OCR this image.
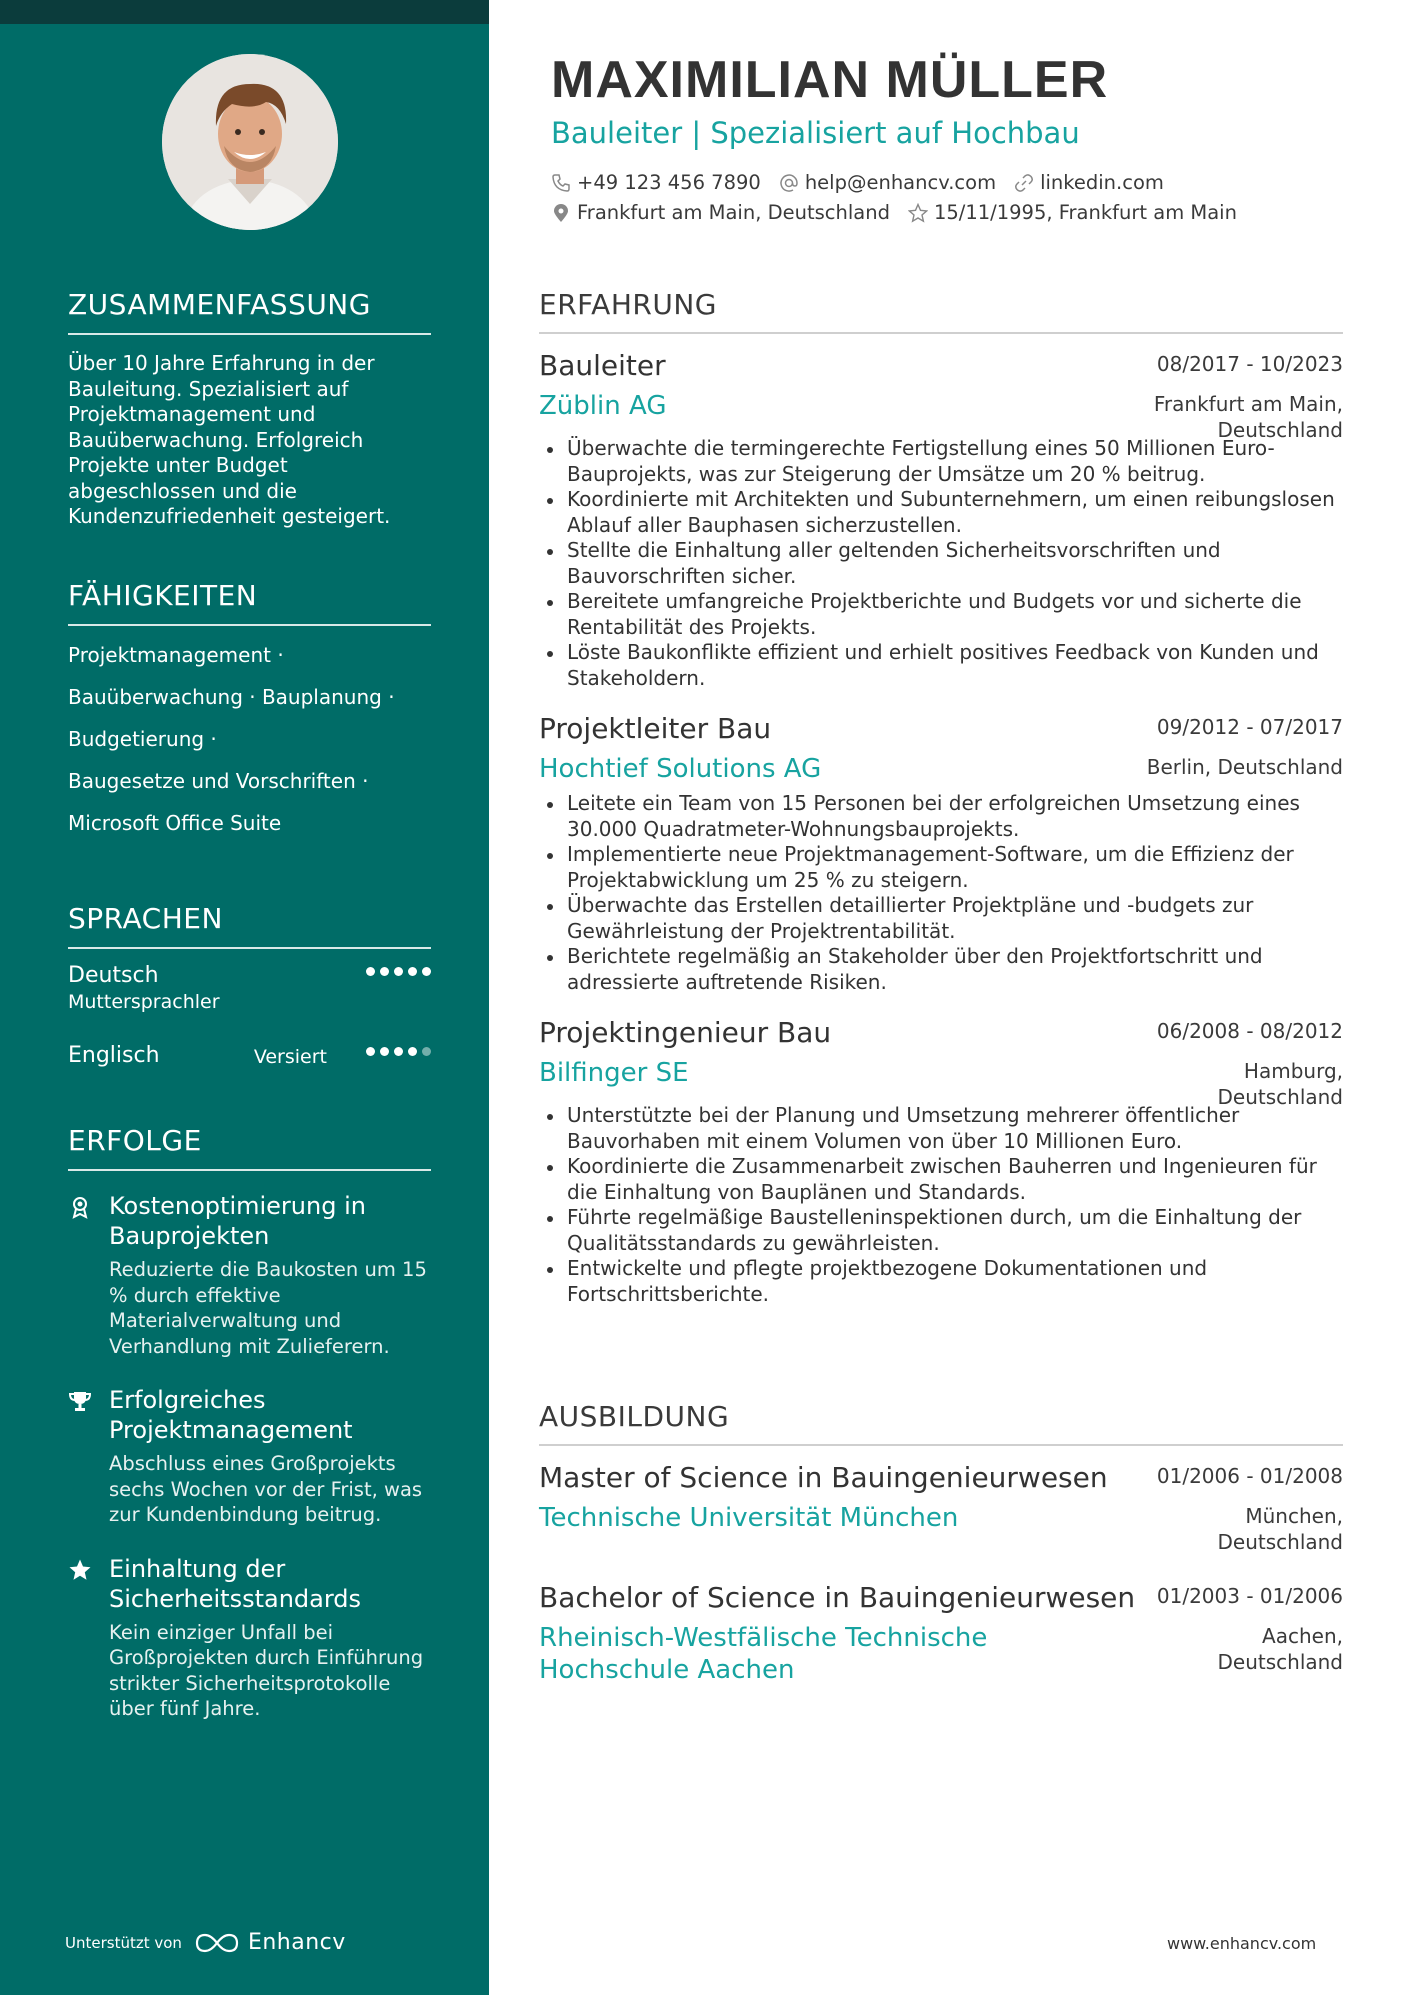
ZUSAMMENFASSUNG
Über 10 Jahre Erfahrung in der Bauleitung. Spezialisiert auf Projektmanagement und Bauüberwachung. Erfolgreich Projekte unter Budget abgeschlossen und die Kundenzufriedenheit gesteigert.
FÄHIGKEITEN
Projektmanagement ·
Bauüberwachung · Bauplanung ·
Budgetierung ·
Baugesetze und Vorschriften ·
Microsoft Office Suite
SPRACHEN
Deutsch
Muttersprachler
Englisch	Versiert
ERFOLGE
Kostenoptimierung in Bauprojekten
Reduzierte die Baukosten um 15 % durch effektive Materialverwaltung und Verhandlung mit Zulieferern.
Erfolgreiches Projektmanagement
Abschluss eines Großprojekts sechs Wochen vor der Frist, was zur Kundenbindung beitrug.
Einhaltung der Sicherheitsstandards
Kein einziger Unfall bei Großprojekten durch Einführung strikter Sicherheitsprotokolle über fünf Jahre.
Unterstützt von	Enhancv
MAXIMILIAN MÜLLER
Bauleiter | Spezialisiert auf Hochbau
+49 123 456 7890 help@enhancv.com linkedin.com
Frankfurt am Main, Deutschland 15/11/1995, Frankfurt am Main
ERFAHRUNG
Bauleiter	08/2017 - 10/2023
Züblin AG	Frankfurt am Main, Deutschland
Überwachte die termingerechte Fertigstellung eines 50 Millionen Euro-Bauprojekts, was zur Steigerung der Umsätze um 20 % beitrug.
Koordinierte mit Architekten und Subunternehmern, um einen reibungslosen Ablauf aller Bauphasen sicherzustellen.
Stellte die Einhaltung aller geltenden Sicherheitsvorschriften und Bauvorschriften sicher.
Bereitete umfangreiche Projektberichte und Budgets vor und sicherte die Rentabilität des Projekts.
Löste Baukonflikte effizient und erhielt positives Feedback von Kunden und Stakeholdern.
Projektleiter Bau	09/2012 - 07/2017
Hochtief Solutions AG	Berlin, Deutschland
Leitete ein Team von 15 Personen bei der erfolgreichen Umsetzung eines 30.000 Quadratmeter-Wohnungsbauprojekts.
Implementierte neue Projektmanagement-Software, um die Effizienz der Projektabwicklung um 25 % zu steigern.
Überwachte das Erstellen detaillierter Projektpläne und -budgets zur Gewährleistung der Projektrentabilität.
Berichtete regelmäßig an Stakeholder über den Projektfortschritt und adressierte auftretende Risiken.
Projektingenieur Bau	06/2008 - 08/2012
Bilfinger SE	Hamburg, Deutschland
Unterstützte bei der Planung und Umsetzung mehrerer öffentlicher Bauvorhaben mit einem Volumen von über 10 Millionen Euro.
Koordinierte die Zusammenarbeit zwischen Bauherren und Ingenieuren für die Einhaltung von Bauplänen und Standards.
Führte regelmäßige Baustelleninspektionen durch, um die Einhaltung der Qualitätsstandards zu gewährleisten.
Entwickelte und pflegte projektbezogene Dokumentationen und Fortschrittsberichte.
AUSBILDUNG
Master of Science in Bauingenieurwesen	01/2006 - 01/2008
Technische Universität München	München, Deutschland
Bachelor of Science in Bauingenieurwesen	01/2003 - 01/2006
Rheinisch-Westfälische Technische Hochschule Aachen
Aachen, Deutschland
www.enhancv.com
